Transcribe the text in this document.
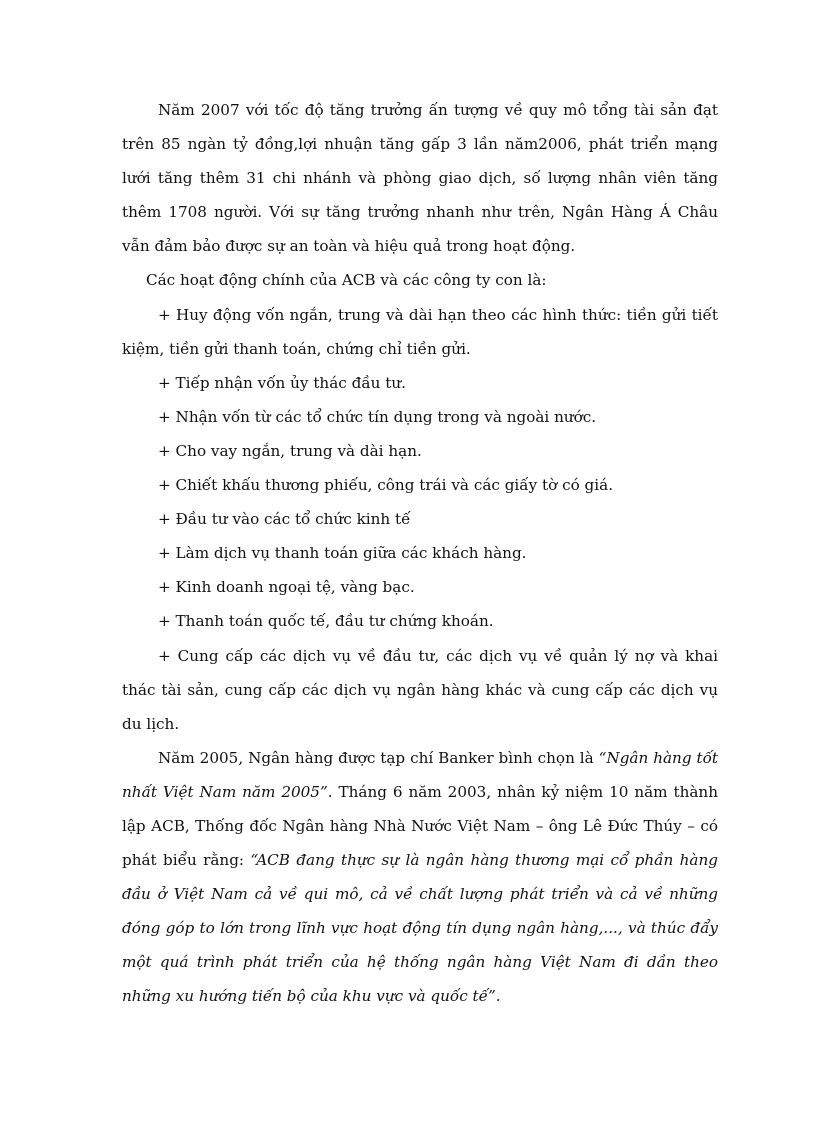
Năm 2007 với tốc độ tăng trưởng ấn tượng về quy mô tổng tài sản đạt trên 85 ngàn tỷ đồng,lợi nhuận tăng gấp 3 lần năm2006, phát triển mạng lưới tăng thêm 31 chi nhánh và phòng giao dịch, số lượng nhân viên tăng thêm 1708 người. Với sự tăng trưởng nhanh như trên, Ngân Hàng Á Châu vẫn đảm bảo được sự an toàn và hiệu quả trong hoạt động.

Các hoạt động chính của ACB và các công ty con là:

+ Huy động vốn ngắn, trung và dài hạn theo các hình thức: tiền gửi tiết kiệm, tiền gửi thanh toán, chứng chỉ tiền gửi.

+ Tiếp nhận vốn ủy thác đầu tư.

+ Nhận vốn từ các tổ chức tín dụng trong và ngoài nước.

+ Cho vay ngắn, trung và dài hạn.

+ Chiết khấu thương phiếu, công trái và các giấy tờ có giá.

+ Đầu tư vào các tổ chức kinh tế

+ Làm dịch vụ thanh toán giữa các khách hàng.

+ Kinh doanh ngoại tệ, vàng bạc.

+ Thanh toán quốc tế, đầu tư chứng khoán.

+ Cung cấp các dịch vụ về đầu tư, các dịch vụ về quản lý nợ và khai thác tài sản, cung cấp các dịch vụ ngân hàng khác và cung cấp các dịch vụ du lịch.

Năm 2005, Ngân hàng được tạp chí Banker bình chọn là “Ngân hàng tốt nhất Việt Nam năm 2005”. Tháng 6 năm 2003, nhân kỷ niệm 10 năm thành lập ACB, Thống đốc Ngân hàng Nhà Nước Việt Nam – ông Lê Đức Thúy – có phát biểu rằng: “ACB đang thực sự là ngân hàng thương mại cổ phần hàng đầu ở Việt Nam cả về qui mô, cả về chất lượng phát triển và cả về những đóng góp to lớn trong lĩnh vực hoạt động tín dụng ngân hàng,..., và thúc đẩy một quá trình phát triển của hệ thống ngân hàng Việt Nam đi dần theo những xu hướng tiến bộ của khu vực và quốc tế”.
